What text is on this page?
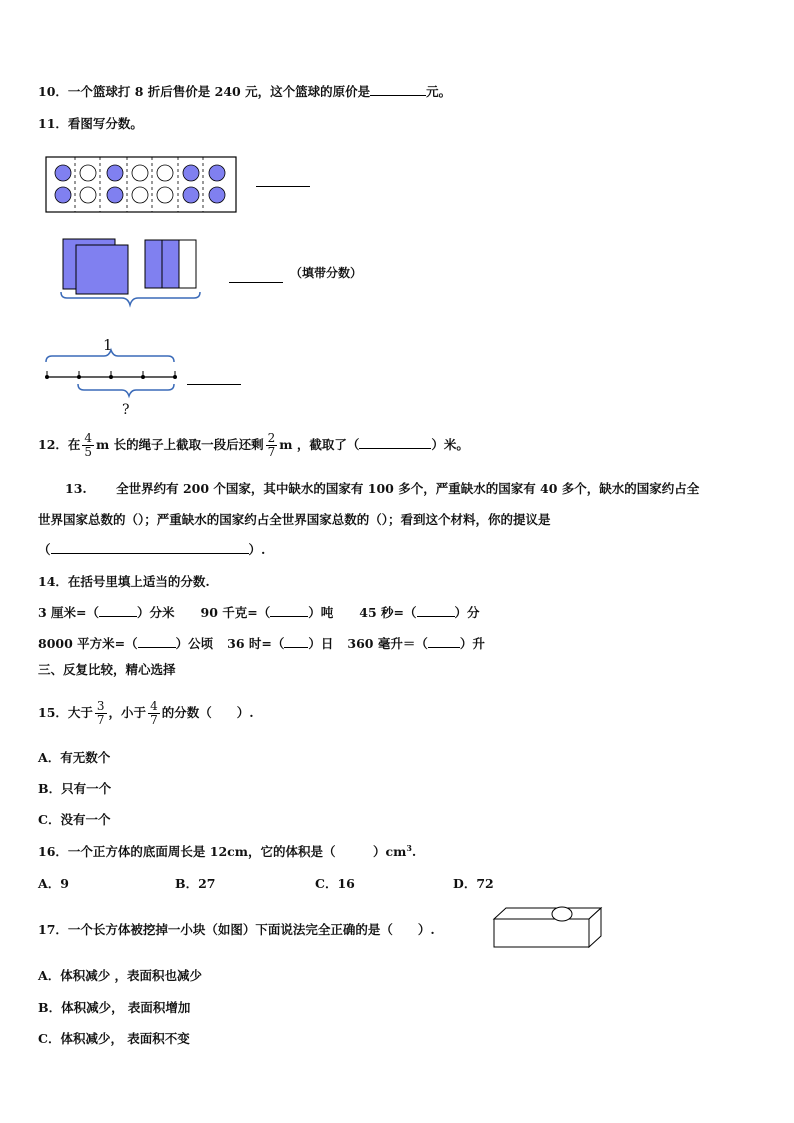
10．一个篮球打 8 折后售价是 240 元，这个篮球的原价是	元。
11．看图写分数。
（填带分数）
1
?
12．在 $\frac{4}{5}$ m 长的绳子上截取一段后还剩 $\frac{2}{7}$ m ，截取了（	）米。
13.　　 全世界约有 200 个国家，其中缺水的国家有 100 多个，严重缺水的国家有 40 多个，缺水的国家约占全
世界国家总数的（）；严重缺水的国家约占全世界国家总数的（）；看到这个材料，你的提议是
（	）.
14．在括号里填上适当的分数.
3 厘米=（	）分米 90 千克=（	）吨 45 秒=（	）分
8000 平方米=（	）公顷 36 时=（ ）日 360 毫升＝（	）升
三、反复比较，精心选择
15．大于 $\frac{3}{7}$ ，小于 $\frac{4}{7}$ 的分数（　　）.
A．有无数个
B．只有一个
C．没有一个
16．一个正方体的底面周长是 12cm，它的体积是（　　　）$cm^3$.
A．9	B．27	C．16	D．72
17．一个长方体被挖掉一小块（如图）下面说法完全正确的是（　　）.
A．体积减少 ，表面积也减少
B．体积减少， 表面积增加
C．体积减少， 表面积不变
